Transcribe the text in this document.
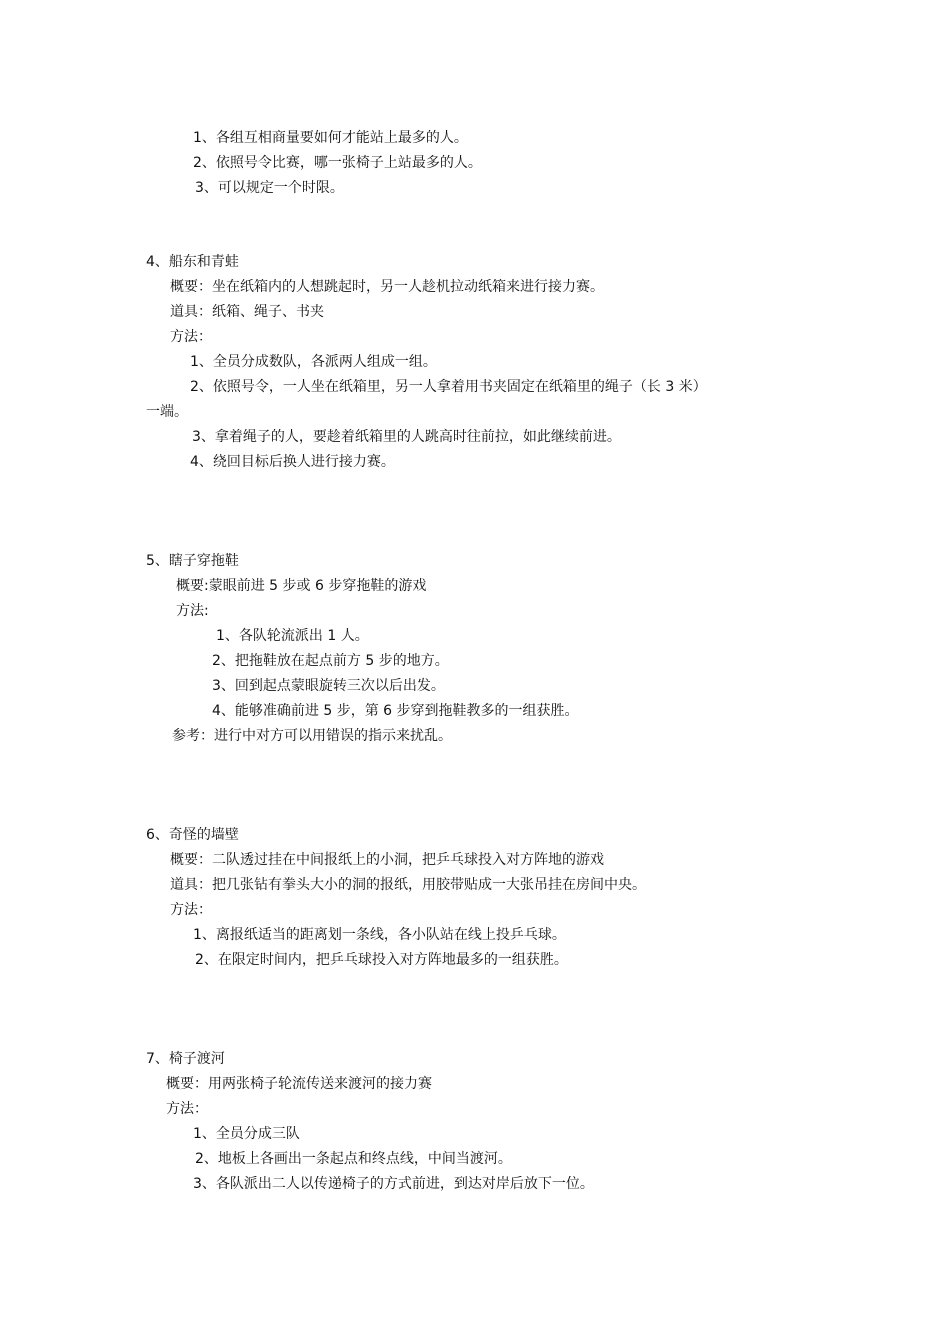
1、各组互相商量要如何才能站上最多的人。
2、依照号令比赛，哪一张椅子上站最多的人。
3、可以规定一个时限。
4、船东和青蛙
概要：坐在纸箱内的人想跳起时，另一人趁机拉动纸箱来进行接力赛。
道具：纸箱、绳子、书夹
方法：
1、全员分成数队，各派两人组成一组。
2、依照号令，一人坐在纸箱里，另一人拿着用书夹固定在纸箱里的绳子（长 3 米）
一端。
3、拿着绳子的人，要趁着纸箱里的人跳高时往前拉，如此继续前进。
4、绕回目标后换人进行接力赛。
5、瞎子穿拖鞋
概要:蒙眼前进 5 步或 6 步穿拖鞋的游戏
方法:
1、各队轮流派出 1 人。
2、把拖鞋放在起点前方 5 步的地方。
3、回到起点蒙眼旋转三次以后出发。
4、能够准确前进 5 步，第 6 步穿到拖鞋教多的一组获胜。
参考：进行中对方可以用错误的指示来扰乱。
6、奇怪的墙壁
概要：二队透过挂在中间报纸上的小洞，把乒乓球投入对方阵地的游戏
道具：把几张钻有拳头大小的洞的报纸，用胶带贴成一大张吊挂在房间中央。
方法：
1、离报纸适当的距离划一条线，各小队站在线上投乒乓球。
2、在限定时间内，把乒乓球投入对方阵地最多的一组获胜。
7、椅子渡河
概要：用两张椅子轮流传送来渡河的接力赛
方法：
1、全员分成三队
2、地板上各画出一条起点和终点线，中间当渡河。
3、各队派出二人以传递椅子的方式前进，到达对岸后放下一位。
